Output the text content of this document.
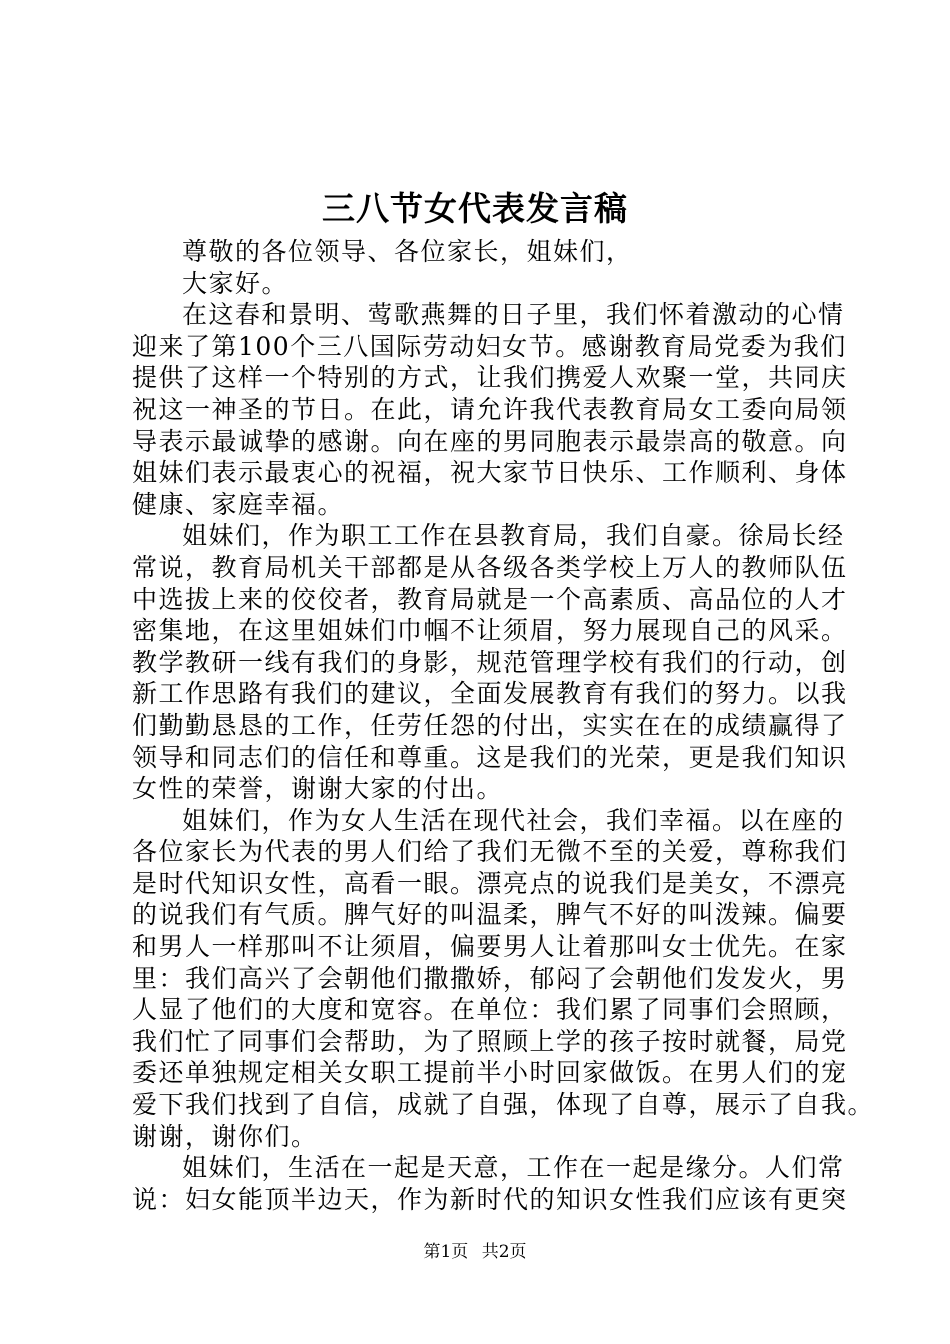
三八节女代表发言稿
尊敬的各位领导、各位家长，姐妹们，
大家好。
在这春和景明、莺歌燕舞的日子里，我们怀着激动的心情
迎来了第100个三八国际劳动妇女节。感谢教育局党委为我们
提供了这样一个特别的方式，让我们携爱人欢聚一堂，共同庆
祝这一神圣的节日。在此，请允许我代表教育局女工委向局领
导表示最诚挚的感谢。向在座的男同胞表示最崇高的敬意。向
姐妹们表示最衷心的祝福，祝大家节日快乐、工作顺利、身体
健康、家庭幸福。
姐妹们，作为职工工作在县教育局，我们自豪。徐局长经
常说，教育局机关干部都是从各级各类学校上万人的教师队伍
中选拔上来的佼佼者，教育局就是一个高素质、高品位的人才
密集地，在这里姐妹们巾帼不让须眉，努力展现自己的风采。
教学教研一线有我们的身影，规范管理学校有我们的行动，创
新工作思路有我们的建议，全面发展教育有我们的努力。以我
们勤勤恳恳的工作，任劳任怨的付出，实实在在的成绩赢得了
领导和同志们的信任和尊重。这是我们的光荣，更是我们知识
女性的荣誉，谢谢大家的付出。
姐妹们，作为女人生活在现代社会，我们幸福。以在座的
各位家长为代表的男人们给了我们无微不至的关爱，尊称我们
是时代知识女性，高看一眼。漂亮点的说我们是美女，不漂亮
的说我们有气质。脾气好的叫温柔，脾气不好的叫泼辣。偏要
和男人一样那叫不让须眉，偏要男人让着那叫女士优先。在家
里：我们高兴了会朝他们撒撒娇，郁闷了会朝他们发发火，男
人显了他们的大度和宽容。在单位：我们累了同事们会照顾，
我们忙了同事们会帮助，为了照顾上学的孩子按时就餐，局党
委还单独规定相关女职工提前半小时回家做饭。在男人们的宠
爱下我们找到了自信，成就了自强，体现了自尊，展示了自我。
谢谢，谢你们。
姐妹们，生活在一起是天意，工作在一起是缘分。人们常
说：妇女能顶半边天，作为新时代的知识女性我们应该有更突
第1页 共2页
